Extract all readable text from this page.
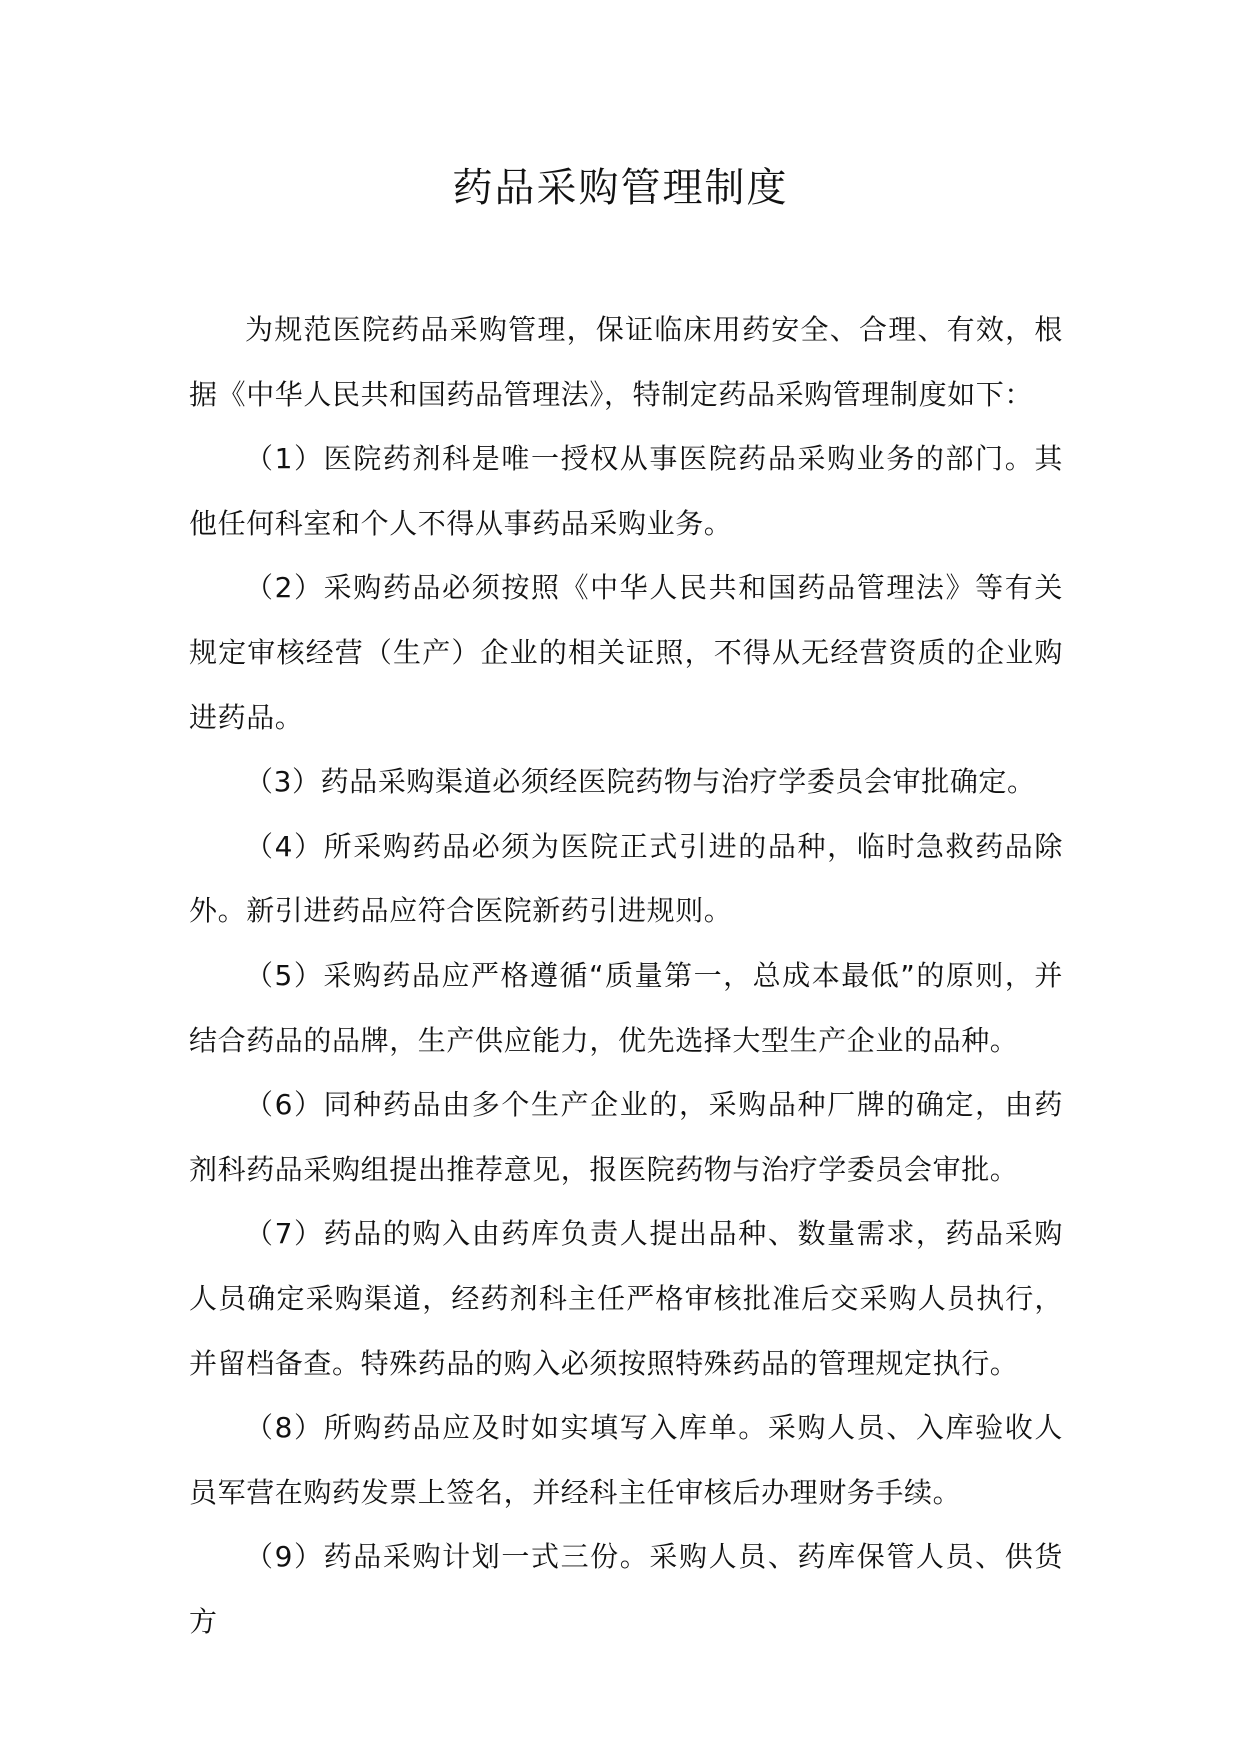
药品采购管理制度

为规范医院药品采购管理，保证临床用药安全、合理、有效，根据《中华人民共和国药品管理法》，特制定药品采购管理制度如下：

（1）医院药剂科是唯一授权从事医院药品采购业务的部门。其他任何科室和个人不得从事药品采购业务。

（2）采购药品必须按照《中华人民共和国药品管理法》等有关规定审核经营（生产）企业的相关证照，不得从无经营资质的企业购进药品。

（3）药品采购渠道必须经医院药物与治疗学委员会审批确定。

（4）所采购药品必须为医院正式引进的品种，临时急救药品除外。新引进药品应符合医院新药引进规则。

（5）采购药品应严格遵循“质量第一，总成本最低”的原则，并结合药品的品牌，生产供应能力，优先选择大型生产企业的品种。

（6）同种药品由多个生产企业的，采购品种厂牌的确定，由药剂科药品采购组提出推荐意见，报医院药物与治疗学委员会审批。

（7）药品的购入由药库负责人提出品种、数量需求，药品采购人员确定采购渠道，经药剂科主任严格审核批准后交采购人员执行，并留档备查。特殊药品的购入必须按照特殊药品的管理规定执行。

（8）所购药品应及时如实填写入库单。采购人员、入库验收人员军营在购药发票上签名，并经科主任审核后办理财务手续。

（9）药品采购计划一式三份。采购人员、药库保管人员、供货方
